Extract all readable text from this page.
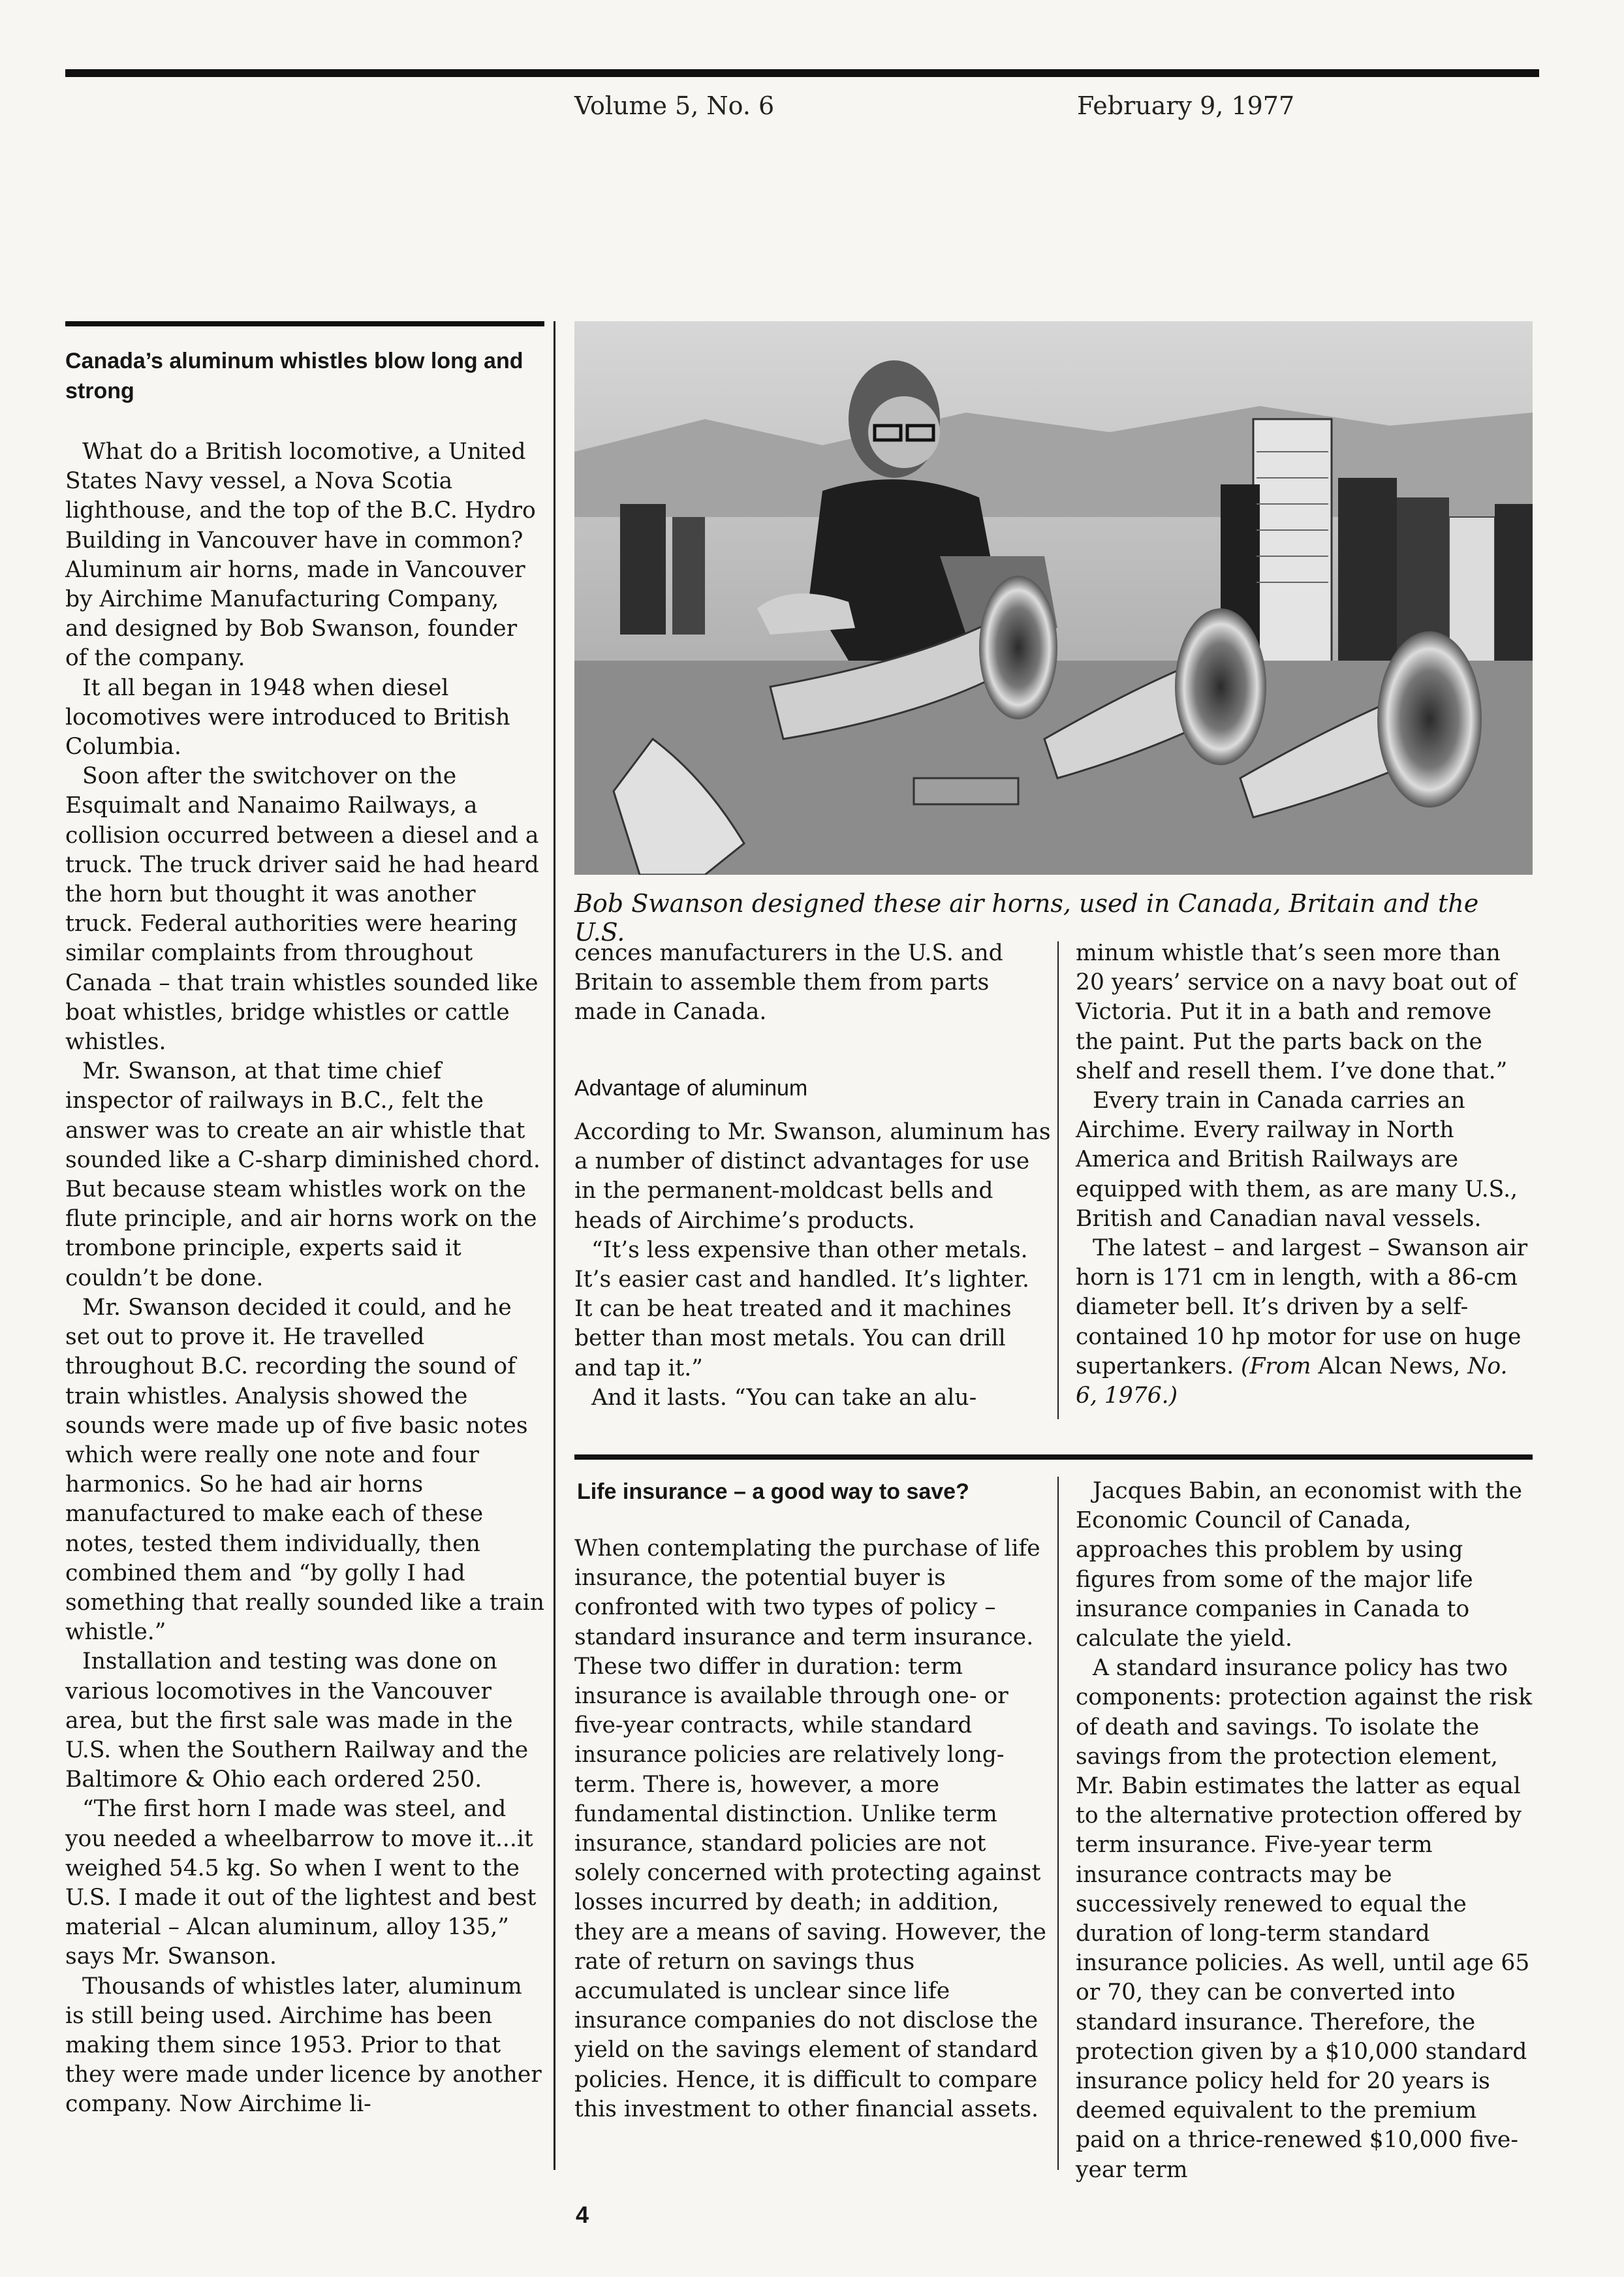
Volume 5, No. 6	February 9, 1977
Canada’s aluminum whistles blow long and strong

What do a British locomotive, a United States Navy vessel, a Nova Scotia lighthouse, and the top of the B.C. Hydro Building in Vancouver have in common? Aluminum air horns, made in Vancouver by Airchime Manufacturing Company, and designed by Bob Swanson, founder of the company.

It all began in 1948 when diesel locomotives were introduced to British Columbia.

Soon after the switchover on the Esquimalt and Nanaimo Railways, a collision occurred between a diesel and a truck. The truck driver said he had heard the horn but thought it was another truck. Federal authorities were hearing similar complaints from throughout Canada – that train whistles sounded like boat whistles, bridge whistles or cattle whistles.

Mr. Swanson, at that time chief inspector of railways in B.C., felt the answer was to create an air whistle that sounded like a C-sharp diminished chord. But because steam whistles work on the flute principle, and air horns work on the trombone principle, experts said it couldn’t be done.

Mr. Swanson decided it could, and he set out to prove it. He travelled throughout B.C. recording the sound of train whistles. Analysis showed the sounds were made up of five basic notes which were really one note and four harmonics. So he had air horns manufactured to make each of these notes, tested them individually, then combined them and “by golly I had something that really sounded like a train whistle.”

Installation and testing was done on various locomotives in the Vancouver area, but the first sale was made in the U.S. when the Southern Railway and the Baltimore & Ohio each ordered 250.

“The first horn I made was steel, and you needed a wheelbarrow to move it...it weighed 54.5 kg. So when I went to the U.S. I made it out of the lightest and best material – Alcan aluminum, alloy 135,” says Mr. Swanson.

Thousands of whistles later, aluminum is still being used. Airchime has been making them since 1953. Prior to that they were made under licence by another company. Now Airchime li-

Bob Swanson designed these air horns, used in Canada, Britain and the U.S.

cences manufacturers in the U.S. and Britain to assemble them from parts made in Canada.

Advantage of aluminum

According to Mr. Swanson, aluminum has a number of distinct advantages for use in the permanent-moldcast bells and heads of Airchime’s products.

“It’s less expensive than other metals. It’s easier cast and handled. It’s lighter. It can be heat treated and it machines better than most metals. You can drill and tap it.”

And it lasts. “You can take an alu-

minum whistle that’s seen more than 20 years’ service on a navy boat out of Victoria. Put it in a bath and remove the paint. Put the parts back on the shelf and resell them. I’ve done that.”

Every train in Canada carries an Airchime. Every railway in North America and British Railways are equipped with them, as are many U.S., British and Canadian naval vessels.

The latest – and largest – Swanson air horn is 171 cm in length, with a 86-cm diameter bell. It’s driven by a self-contained 10 hp motor for use on huge supertankers. (From Alcan News, No. 6, 1976.)

Life insurance – a good way to save?

When contemplating the purchase of life insurance, the potential buyer is confronted with two types of policy – standard insurance and term insurance. These two differ in duration: term insurance is available through one- or five-year contracts, while standard insurance policies are relatively long-term. There is, however, a more fundamental distinction. Unlike term insurance, standard policies are not solely concerned with protecting against losses incurred by death; in addition, they are a means of saving. However, the rate of return on savings thus accumulated is unclear since life insurance companies do not disclose the yield on the savings element of standard policies. Hence, it is difficult to compare this investment to other financial assets.

Jacques Babin, an economist with the Economic Council of Canada, approaches this problem by using figures from some of the major life insurance companies in Canada to calculate the yield.

A standard insurance policy has two components: protection against the risk of death and savings. To isolate the savings from the protection element, Mr. Babin estimates the latter as equal to the alternative protection offered by term insurance. Five-year term insurance contracts may be successively renewed to equal the duration of long-term standard insurance policies. As well, until age 65 or 70, they can be converted into standard insurance. Therefore, the protection given by a $10,000 standard insurance policy held for 20 years is deemed equivalent to the premium paid on a thrice-renewed $10,000 five-year term

4
